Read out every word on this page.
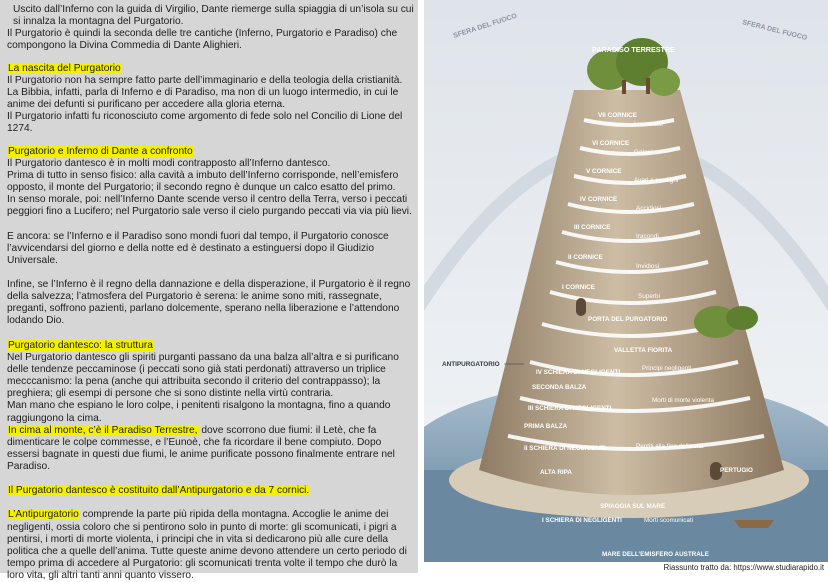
Uscito dall’Inferno con la guida di Virgilio, Dante riemerge sulla spiaggia di un’isola su cui si innalza la montagna del Purgatorio.

Il Purgatorio è quindi la seconda delle tre cantiche (Inferno, Purgatorio e Paradiso) che compongono la Divina Commedia di Dante Alighieri.

La nascita del Purgatorio

Il Purgatorio non ha sempre fatto parte dell’immaginario e della teologia della cristianità. La Bibbia, infatti, parla di Inferno e di Paradiso, ma non di un luogo intermedio, in cui le anime dei defunti si purificano per accedere alla gloria eterna.

Il Purgatorio infatti fu riconosciuto come argomento di fede solo nel Concilio di Lione del 1274.

Purgatorio e Inferno di Dante a confronto

Il Purgatorio dantesco è in molti modi contrapposto all’Inferno dantesco.

Prima di tutto in senso fisico: alla cavità a imbuto dell’Inferno corrisponde, nell’emisfero opposto, il monte del Purgatorio; il secondo regno è dunque un calco esatto del primo.

In senso morale, poi: nell’Inferno Dante scende verso il centro della Terra, verso i peccati peggiori fino a Lucifero; nel Purgatorio sale verso il cielo purgando peccati via via più lievi.

E ancora: se l’Inferno e il Paradiso sono mondi fuori dal tempo, il Purgatorio conosce l’avvicendarsi del giorno e della notte ed è destinato a estinguersi dopo il Giudizio Universale.

Infine, se l’Inferno è il regno della dannazione e della disperazione, il Purgatorio è il regno della salvezza; l’atmosfera del Purgatorio è serena: le anime sono miti, rassegnate, preganti, soffrono pazienti, parlano dolcemente, sperano nella liberazione e l’attendono lodando Dio.

Purgatorio dantesco: la struttura

Nel Purgatorio dantesco gli spiriti purganti passano da una balza all’altra e si purificano delle tendenze peccaminose (i peccati sono già stati perdonati) attraverso un triplice mecccanismo: la pena (anche qui attribuita secondo il criterio del contrappasso); la preghiera; gli esempi di persone che si sono distinte nella virtù contraria.

Man mano che espiano le loro colpe, i penitenti risalgono la montagna, fino a quando raggiungono la cima.

In cima al monte, c’è il Paradiso Terrestre, dove scorrono due fiumi: il Letè, che fa dimenticare le colpe commesse, e l’Eunoè, che fa ricordare il bene compiuto. Dopo essersi bagnate in questi due fiumi, le anime purificate possono finalmente entrare nel Paradiso.

Il Purgatorio dantesco è costituito dall’Antipurgatorio e da 7 cornici.

L’Antipurgatorio comprende la parte più ripida della montagna. Accoglie le anime dei negligenti, ossia coloro che si pentirono solo in punto di morte: gli scomunicati, i pigri a pentirsi, i morti di morte violenta, i principi che in vita si dedicarono più alle cure della politica che a quelle dell’anima. Tutte queste anime devono attendere un certo periodo di tempo prima di accedere al Purgatorio: gli scomunicati trenta volte il tempo che durò la loro vita, gli altri tanti anni quanto vissero.

SFERA DEL FUOCO	SFERA DEL FUOCO
PARADISO TERRESTRE
VII CORNICE
Lussuriosi
VI CORNICE
Golosi
V CORNICE
Avari e prodighi
IV CORNICE
Accidiosi
III CORNICE
Iracondi
II CORNICE
Invidiosi
I CORNICE
Superbi
PORTA DEL PURGATORIO
VALLETTA FIORITA
IV SCHIERA DI NEGLIGENTI
Principi negligenti
SECONDA BALZA
III SCHIERA DI NEGLIGENTI
Morti di morte violenta
PRIMA BALZA
II SCHIERA DI NEGLIGENTI	Pentiti alla fine della vita
ALTA RIPA	PERTUGIO
ANTIPURGATORIO
SPIAGGIA SUL MARE
I SCHIERA DI NEGLIGENTI	Morti scomunicati
MARE DELL’EMISFERO AUSTRALE
Riassunto tratto da: https://www.studiarapido.it
